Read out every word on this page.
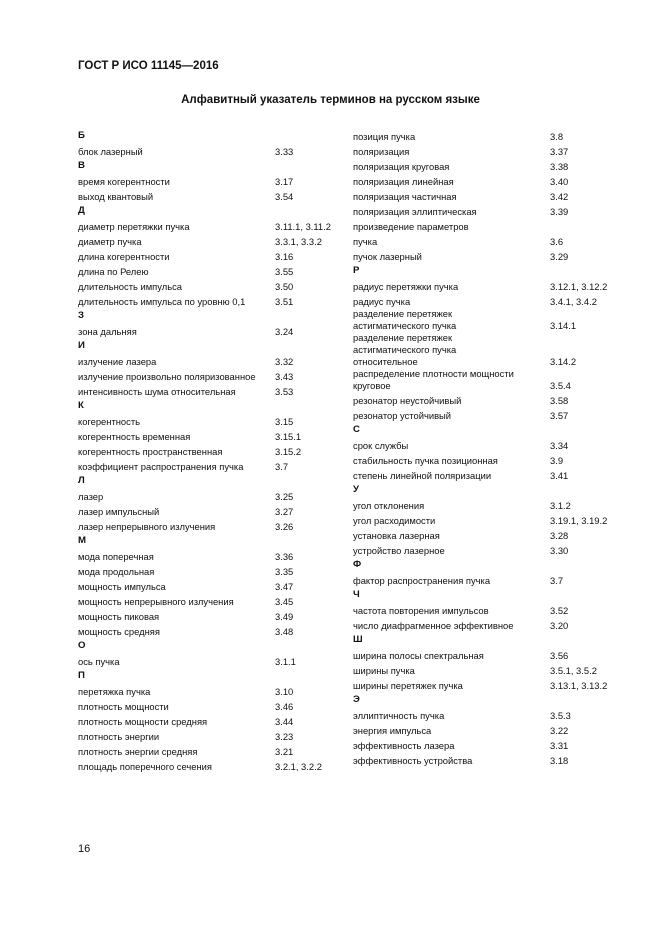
ГОСТ Р ИСО 11145—2016
Алфавитный указатель терминов на русском языке
Б
блок лазерный	3.33
В
время когерентности	3.17
выход квантовый	3.54
Д
диаметр перетяжки пучка	3.11.1, 3.11.2
диаметр пучка	3.3.1, 3.3.2
длина когерентности	3.16
длина по Релею	3.55
длительность импульса	3.50
длительность импульса по уровню 0,1	3.51
З
зона дальняя	3.24
И
излучение лазера	3.32
излучение произвольно поляризованное	3.43
интенсивность шума относительная	3.53
К
когерентность	3.15
когерентность временная	3.15.1
когерентность пространственная	3.15.2
коэффициент распространения пучка	3.7
Л
лазер	3.25
лазер импульсный	3.27
лазер непрерывного излучения	3.26
М
мода поперечная	3.36
мода продольная	3.35
мощность импульса	3.47
мощность непрерывного излучения	3.45
мощность пиковая	3.49
мощность средняя	3.48
О
ось пучка	3.1.1
П
перетяжка пучка	3.10
плотность мощности	3.46
плотность мощности средняя	3.44
плотность энергии	3.23
плотность энергии средняя	3.21
площадь поперечного сечения	3.2.1, 3.2.2
позиция пучка	3.8
поляризация	3.37
поляризация круговая	3.38
поляризация линейная	3.40
поляризация частичная	3.42
поляризация эллиптическая	3.39
произведение параметров
пучка	3.6
пучок лазерный	3.29
Р
радиус перетяжки пучка	3.12.1, 3.12.2
радиус пучка	3.4.1, 3.4.2
разделение перетяжек
астигматического пучка	3.14.1
разделение перетяжек
астигматического пучка
относительное	3.14.2
распределение плотности мощности
круговое	3.5.4
резонатор неустойчивый	3.58
резонатор устойчивый	3.57
С
срок службы	3.34
стабильность пучка позиционная	3.9
степень линейной поляризации	3.41
У
угол отклонения	3.1.2
угол расходимости	3.19.1, 3.19.2
установка лазерная	3.28
устройство лазерное	3.30
Ф
фактор распространения пучка	3.7
Ч
частота повторения импульсов	3.52
число диафрагменное эффективное	3.20
Ш
ширина полосы спектральная	3.56
ширины пучка	3.5.1, 3.5.2
ширины перетяжек пучка	3.13.1, 3.13.2
Э
эллиптичность пучка	3.5.3
энергия импульса	3.22
эффективность лазера	3.31
эффективность устройства	3.18
16
